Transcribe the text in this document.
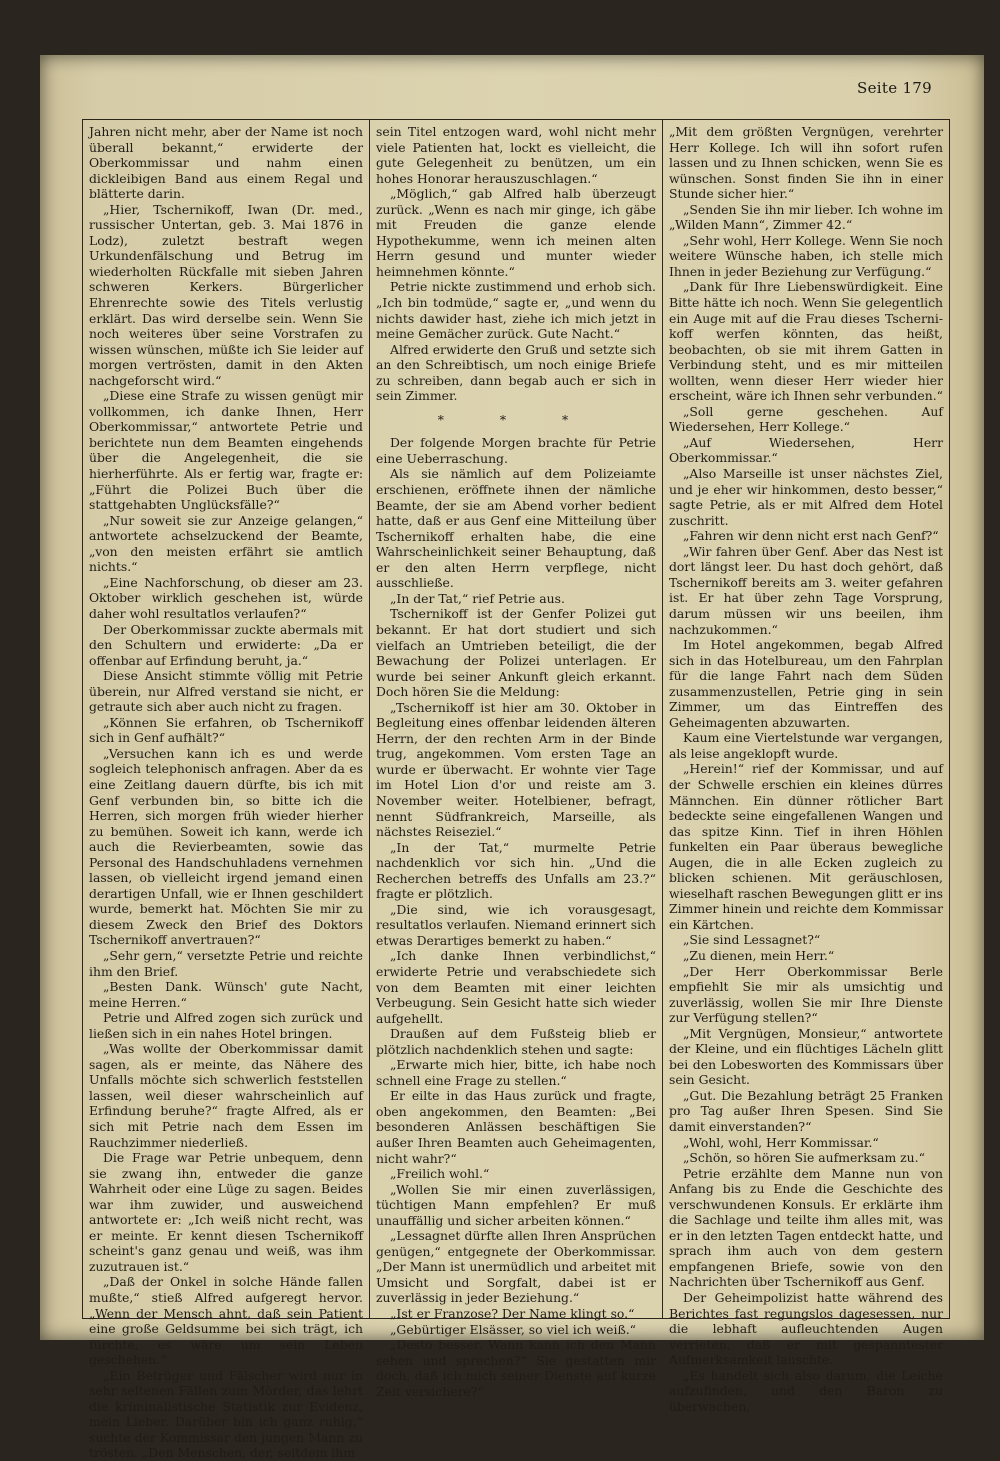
Seite 179

Jahren nicht mehr, aber der Name ist noch überall bekannt,“ erwiderte der Oberkommissar und nahm einen dickleibigen Band aus einem Regal und blätterte darin.

„Hier, Tschernikoff, Iwan (Dr. med., russischer Untertan, geb. 3. Mai 1876 in Lodz), zuletzt bestraft wegen Urkundenfälschung und Betrug im wiederholten Rückfalle mit sieben Jahren schweren Kerkers. Bürgerlicher Ehrenrechte sowie des Titels verlustig erklärt. Das wird derselbe sein. Wenn Sie noch weiteres über seine Vorstrafen zu wissen wünschen, müßte ich Sie leider auf morgen vertrösten, damit in den Akten nachgeforscht wird.“

„Diese eine Strafe zu wissen genügt mir vollkommen, ich danke Ihnen, Herr Oberkommissar,“ antwortete Petrie und berichtete nun dem Beamten eingehends über die Angelegenheit, die sie hierherführte. Als er fertig war, fragte er: „Führt die Polizei Buch über die stattgehabten Unglücksfälle?“

„Nur soweit sie zur Anzeige gelangen,“ antwortete achselzuckend der Beamte, „von den meisten erfährt sie amtlich nichts.“

„Eine Nachforschung, ob dieser am 23. Oktober wirklich geschehen ist, würde daher wohl resultatlos verlaufen?“

Der Oberkommissar zuckte abermals mit den Schultern und erwiderte: „Da er offenbar auf Erfindung beruht, ja.“

Diese Ansicht stimmte völlig mit Petrie überein, nur Alfred verstand sie nicht, er getraute sich aber auch nicht zu fragen.

„Können Sie erfahren, ob Tschernikoff sich in Genf aufhält?“

„Versuchen kann ich es und werde sogleich telephonisch anfragen. Aber da es eine Zeitlang dauern dürfte, bis ich mit Genf verbunden bin, so bitte ich die Herren, sich morgen früh wieder hierher zu bemühen. Soweit ich kann, werde ich auch die Revierbeamten, sowie das Personal des Handschuhladens vernehmen lassen, ob vielleicht irgend jemand einen derartigen Unfall, wie er Ihnen geschildert wurde, bemerkt hat. Möchten Sie mir zu diesem Zweck den Brief des Doktors Tschernikoff anvertrauen?“

„Sehr gern,“ versetzte Petrie und reichte ihm den Brief.

„Besten Dank. Wünsch' gute Nacht, meine Herren.“

Petrie und Alfred zogen sich zurück und ließen sich in ein nahes Hotel bringen.

„Was wollte der Oberkommissar damit sagen, als er meinte, das Nähere des Unfalls möchte sich schwerlich feststellen lassen, weil dieser wahrscheinlich auf Erfindung beruhe?“ fragte Alfred, als er sich mit Petrie nach dem Essen im Rauchzimmer niederließ.

Die Frage war Petrie unbequem, denn sie zwang ihn, entweder die ganze Wahrheit oder eine Lüge zu sagen. Beides war ihm zuwider, und ausweichend antwortete er: „Ich weiß nicht recht, was er meinte. Er kennt diesen Tschernikoff scheint's ganz genau und weiß, was ihm zuzutrauen ist.“

„Daß der Onkel in solche Hände fallen mußte,“ stieß Alfred aufgeregt hervor. „Wenn der Mensch ahnt, daß sein Patient eine große Geldsumme bei sich trägt, ich fürchte, es wäre um sein Leben geschehen.“

„Ein Betrüger und Fälscher wird nur in sehr seltenen Fällen zum Mörder, das lehrt die kriminalistische Statistik zur Evidenz, mein Lieber. Darüber bin ich ganz ruhig,“ suchte der Kommissar den jungen Mann zu trösten. „Den Menschen, der, seitdem ihm

sein Titel entzogen ward, wohl nicht mehr viele Patienten hat, lockt es vielleicht, die gute Gelegenheit zu benützen, um ein hohes Honorar herauszuschlagen.“

„Möglich,“ gab Alfred halb überzeugt zurück. „Wenn es nach mir ginge, ich gäbe mit Freuden die ganze elende Hypothekumme, wenn ich meinen alten Herrn gesund und munter wieder heimnehmen könnte.“

Petrie nickte zustimmend und erhob sich. „Ich bin todmüde,“ sagte er, „und wenn du nichts dawider hast, ziehe ich mich jetzt in meine Gemächer zurück. Gute Nacht.“

Alfred erwiderte den Gruß und setzte sich an den Schreibtisch, um noch einige Briefe zu schreiben, dann begab auch er sich in sein Zimmer.

* * *

Der folgende Morgen brachte für Petrie eine Ueberraschung.

Als sie nämlich auf dem Polizeiamte erschienen, eröffnete ihnen der nämliche Beamte, der sie am Abend vorher bedient hatte, daß er aus Genf eine Mitteilung über Tschernikoff erhalten habe, die eine Wahrscheinlichkeit seiner Behauptung, daß er den alten Herrn verpflege, nicht ausschließe.

„In der Tat,“ rief Petrie aus.

Tschernikoff ist der Genfer Polizei gut bekannt. Er hat dort studiert und sich vielfach an Umtrieben beteiligt, die der Bewachung der Polizei unterlagen. Er wurde bei seiner Ankunft gleich erkannt. Doch hören Sie die Meldung:

„Tschernikoff ist hier am 30. Oktober in Begleitung eines offenbar leidenden älteren Herrn, der den rechten Arm in der Binde trug, angekommen. Vom ersten Tage an wurde er überwacht. Er wohnte vier Tage im Hotel Lion d'or und reiste am 3. November weiter. Hotelbiener, befragt, nennt Südfrankreich, Marseille, als nächstes Reiseziel.“

„In der Tat,“ murmelte Petrie nachdenklich vor sich hin. „Und die Recherchen betreffs des Unfalls am 23.?“ fragte er plötzlich.

„Die sind, wie ich vorausgesagt, resultatlos verlaufen. Niemand erinnert sich etwas Derartiges bemerkt zu haben.“

„Ich danke Ihnen verbindlichst,“ erwiderte Petrie und verabschiedete sich von dem Beamten mit einer leichten Verbeugung. Sein Gesicht hatte sich wieder aufgehellt.

Draußen auf dem Fußsteig blieb er plötzlich nachdenklich stehen und sagte:

„Erwarte mich hier, bitte, ich habe noch schnell eine Frage zu stellen.“

Er eilte in das Haus zurück und fragte, oben angekommen, den Beamten: „Bei besonderen Anlässen beschäftigen Sie außer Ihren Beamten auch Geheimagenten, nicht wahr?“

„Freilich wohl.“

„Wollen Sie mir einen zuverlässigen, tüchtigen Mann empfehlen? Er muß unauffällig und sicher arbeiten können.“

„Lessagnet dürfte allen Ihren Ansprüchen genügen,“ entgegnete der Oberkommissar. „Der Mann ist unermüdlich und arbeitet mit Umsicht und Sorgfalt, dabei ist er zuverlässig in jeder Beziehung.“

„Ist er Franzose? Der Name klingt so.“

„Gebürtiger Elsässer, so viel ich weiß.“

„Desto besser. Wann kann ich den Mann sehen und sprechen?“ Sie gestatten mir doch, daß ich mich seiner Dienste auf kurze Zeit versichere?“

„Mit dem größten Vergnügen, verehrter Herr Kollege. Ich will ihn sofort rufen lassen und zu Ihnen schicken, wenn Sie es wünschen. Sonst finden Sie ihn in einer Stunde sicher hier.“

„Senden Sie ihn mir lieber. Ich wohne im „Wilden Mann“, Zimmer 42.“

„Sehr wohl, Herr Kollege. Wenn Sie noch weitere Wünsche haben, ich stelle mich Ihnen in jeder Beziehung zur Verfügung.“

„Dank für Ihre Liebenswürdigkeit. Eine Bitte hätte ich noch. Wenn Sie gelegentlich ein Auge mit auf die Frau dieses Tschernikoff werfen könnten, das heißt, beobachten, ob sie mit ihrem Gatten in Verbindung steht, und es mir mitteilen wollten, wenn dieser Herr wieder hier erscheint, wäre ich Ihnen sehr verbunden.“

„Soll gerne geschehen. Auf Wiedersehen, Herr Kollege.“

„Auf Wiedersehen, Herr Oberkommissar.“

„Also Marseille ist unser nächstes Ziel, und je eher wir hinkommen, desto besser,“ sagte Petrie, als er mit Alfred dem Hotel zuschritt.

„Fahren wir denn nicht erst nach Genf?“

„Wir fahren über Genf. Aber das Nest ist dort längst leer. Du hast doch gehört, daß Tschernikoff bereits am 3. weiter gefahren ist. Er hat über zehn Tage Vorsprung, darum müssen wir uns beeilen, ihm nachzukommen.“

Im Hotel angekommen, begab Alfred sich in das Hotelbureau, um den Fahrplan für die lange Fahrt nach dem Süden zusammenzustellen, Petrie ging in sein Zimmer, um das Eintreffen des Geheimagenten abzuwarten.

Kaum eine Viertelstunde war vergangen, als leise angeklopft wurde.

„Herein!“ rief der Kommissar, und auf der Schwelle erschien ein kleines dürres Männchen. Ein dünner rötlicher Bart bedeckte seine eingefallenen Wangen und das spitze Kinn. Tief in ihren Höhlen funkelten ein Paar überaus bewegliche Augen, die in alle Ecken zugleich zu blicken schienen. Mit geräuschlosen, wieselhaft raschen Bewegungen glitt er ins Zimmer hinein und reichte dem Kommissar ein Kärtchen.

„Sie sind Lessagnet?“

„Zu dienen, mein Herr.“

„Der Herr Oberkommissar Berle empfiehlt Sie mir als umsichtig und zuverlässig, wollen Sie mir Ihre Dienste zur Verfügung stellen?“

„Mit Vergnügen, Monsieur,“ antwortete der Kleine, und ein flüchtiges Lächeln glitt bei den Lobesworten des Kommissars über sein Gesicht.

„Gut. Die Bezahlung beträgt 25 Franken pro Tag außer Ihren Spesen. Sind Sie damit einverstanden?“

„Wohl, wohl, Herr Kommissar.“

„Schön, so hören Sie aufmerksam zu.“

Petrie erzählte dem Manne nun von Anfang bis zu Ende die Geschichte des verschwundenen Konsuls. Er erklärte ihm die Sachlage und teilte ihm alles mit, was er in den letzten Tagen entdeckt hatte, und sprach ihm auch von dem gestern empfangenen Briefe, sowie von den Nachrichten über Tschernikoff aus Genf.

Der Geheimpolizist hatte während des Berichtes fast regungslos dagesessen, nur die lebhaft aufleuchtenden Augen verrieten, daß er mit gespanntester Aufmerksamkeit lauschte.

„Es handelt sich also darum, die Leiche aufzufinden, und den Baron zu überwachen,
